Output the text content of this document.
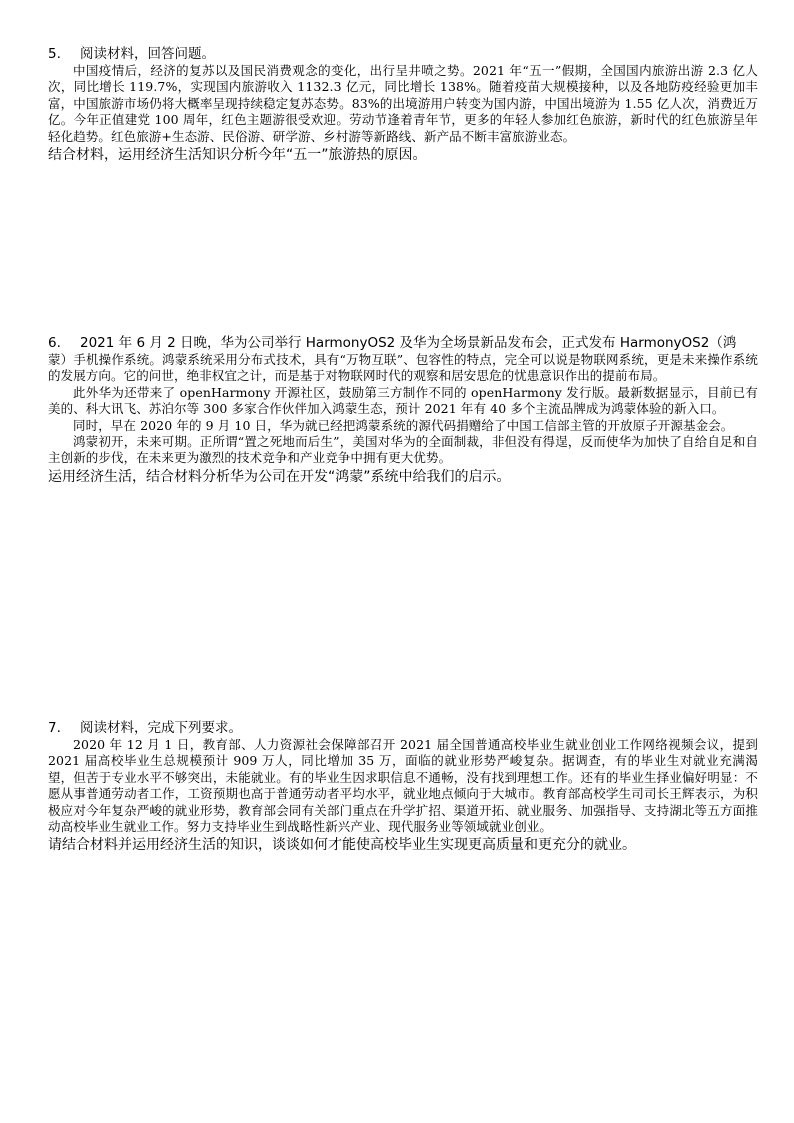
5.	阅读材料，回答问题。

中国疫情后，经济的复苏以及国民消费观念的变化，出行呈井喷之势。2021 年“五一”假期，全国国内旅游出游 2.3 亿人次，同比增长 119.7%，实现国内旅游收入 1132.3 亿元，同比增长 138%。随着疫苗大规模接种，以及各地防疫经验更加丰富，中国旅游市场仍将大概率呈现持续稳定复苏态势。83%的出境游用户转变为国内游，中国出境游为 1.55 亿人次，消费近万亿。今年正值建党 100 周年，红色主题游很受欢迎。劳动节逢着青年节，更多的年轻人参加红色旅游，新时代的红色旅游呈年轻化趋势。红色旅游+生态游、民俗游、研学游、乡村游等新路线、新产品不断丰富旅游业态。

结合材料，运用经济生活知识分析今年“五一”旅游热的原因。

6.	2021 年 6 月 2 日晚，华为公司举行 HarmonyOS2 及华为全场景新品发布会，正式发布 HarmonyOS2（鸿

蒙）手机操作系统。鸿蒙系统采用分布式技术，具有“万物互联”、包容性的特点，完全可以说是物联网系统，更是未来操作系统的发展方向。它的问世，绝非权宜之计，而是基于对物联网时代的观察和居安思危的忧患意识作出的提前布局。

此外华为还带来了 openHarmony 开源社区，鼓励第三方制作不同的 openHarmony 发行版。最新数据显示，目前已有美的、科大讯飞、苏泊尔等 300 多家合作伙伴加入鸿蒙生态，预计 2021 年有 40 多个主流品牌成为鸿蒙体验的新入口。

同时，早在 2020 年的 9 月 10 日，华为就已经把鸿蒙系统的源代码捐赠给了中国工信部主管的开放原子开源基金会。

鸿蒙初开，未来可期。正所谓“置之死地而后生”，美国对华为的全面制裁，非但没有得逞，反而使华为加快了自给自足和自主创新的步伐，在未来更为激烈的技术竞争和产业竞争中拥有更大优势。

运用经济生活，结合材料分析华为公司在开发“鸿蒙”系统中给我们的启示。

7.	阅读材料，完成下列要求。

2020 年 12 月 1 日，教育部、人力资源社会保障部召开 2021 届全国普通高校毕业生就业创业工作网络视频会议，提到 2021 届高校毕业生总规模预计 909 万人，同比增加 35 万，面临的就业形势严峻复杂。据调查，有的毕业生对就业充满渴望，但苦于专业水平不够突出，未能就业。有的毕业生因求职信息不通畅，没有找到理想工作。还有的毕业生择业偏好明显：不愿从事普通劳动者工作，工资预期也高于普通劳动者平均水平，就业地点倾向于大城市。教育部高校学生司司长王辉表示，为积极应对今年复杂严峻的就业形势，教育部会同有关部门重点在升学扩招、渠道开拓、就业服务、加强指导、支持湖北等五方面推动高校毕业生就业工作。努力支持毕业生到战略性新兴产业、现代服务业等领域就业创业。

请结合材料并运用经济生活的知识，谈谈如何才能使高校毕业生实现更高质量和更充分的就业。
